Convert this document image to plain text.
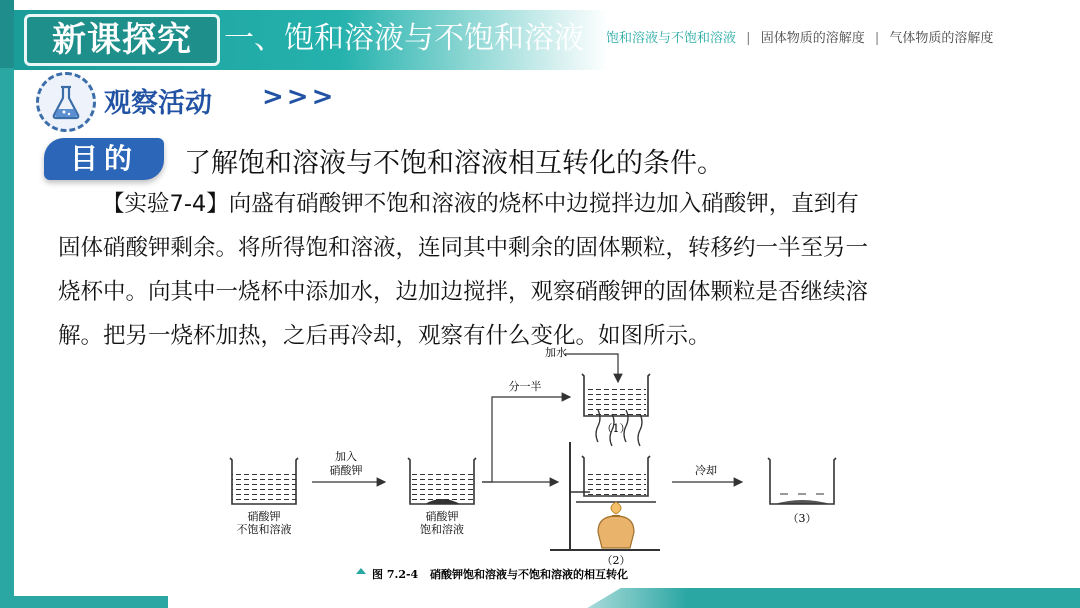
新课探究	一、饱和溶液与不饱和溶液 饱和溶液与不饱和溶液 | 固体物质的溶解度 | 气体物质的溶解度
观察活动 >>>
目的	了解饱和溶液与不饱和溶液相互转化的条件。
【实验7-4】向盛有硝酸钾不饱和溶液的烧杯中边搅拌边加入硝酸钾，直到有
固体硝酸钾剩余。将所得饱和溶液，连同其中剩余的固体颗粒，转移约一半至另一
烧杯中。向其中一烧杯中添加水，边加边搅拌，观察硝酸钾的固体颗粒是否继续溶
解。把另一烧杯加热，之后再冷却，观察有什么变化。如图所示。
硝酸钾
不饱和溶液
加入
硝酸钾
硝酸钾
饱和溶液
分一半
加水
（1）
（2）
冷却
（3）
图 7.2-4 硝酸钾饱和溶液与不饱和溶液的相互转化
